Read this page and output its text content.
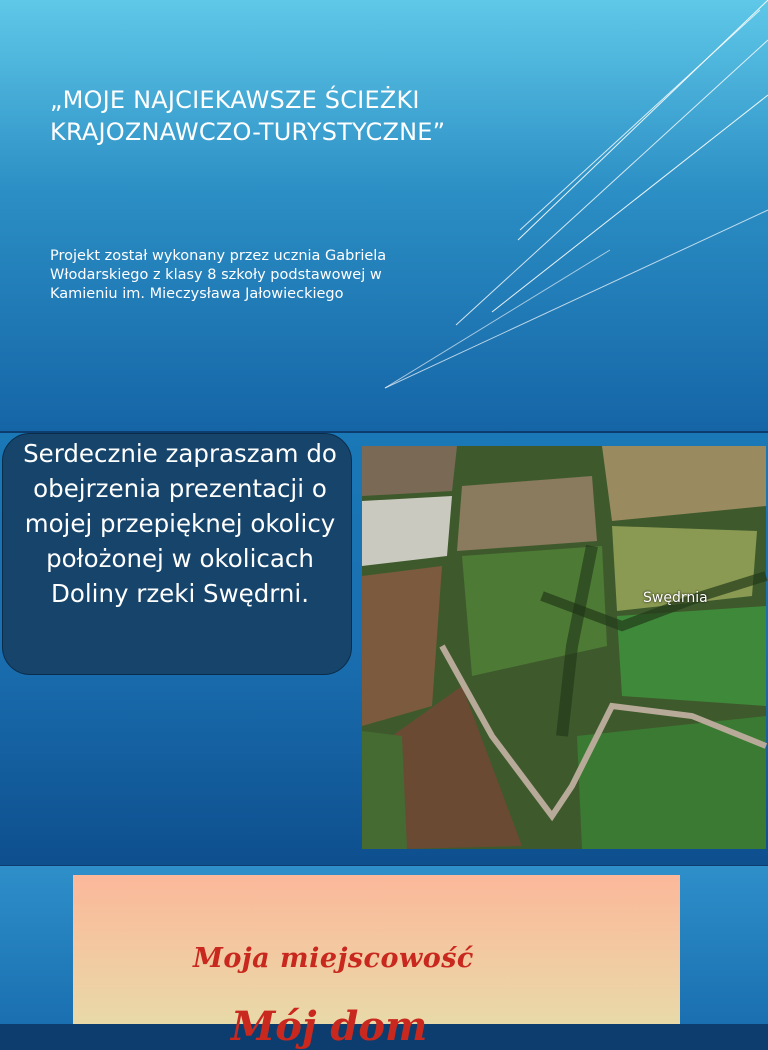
„MOJE NAJCIEKAWSZE ŚCIEŻKI KRAJOZNAWCZO-TURYSTYCZNE”
Projekt został wykonany przez ucznia Gabriela Włodarskiego z klasy 8 szkoły podstawowej w Kamieniu im. Mieczysława Jałowieckiego
Serdecznie zapraszam do obejrzenia prezentacji o mojej przepięknej okolicy położonej w okolicach Doliny rzeki Swędrni.	Swędrnia
Moja miejscowość
Mój dom
